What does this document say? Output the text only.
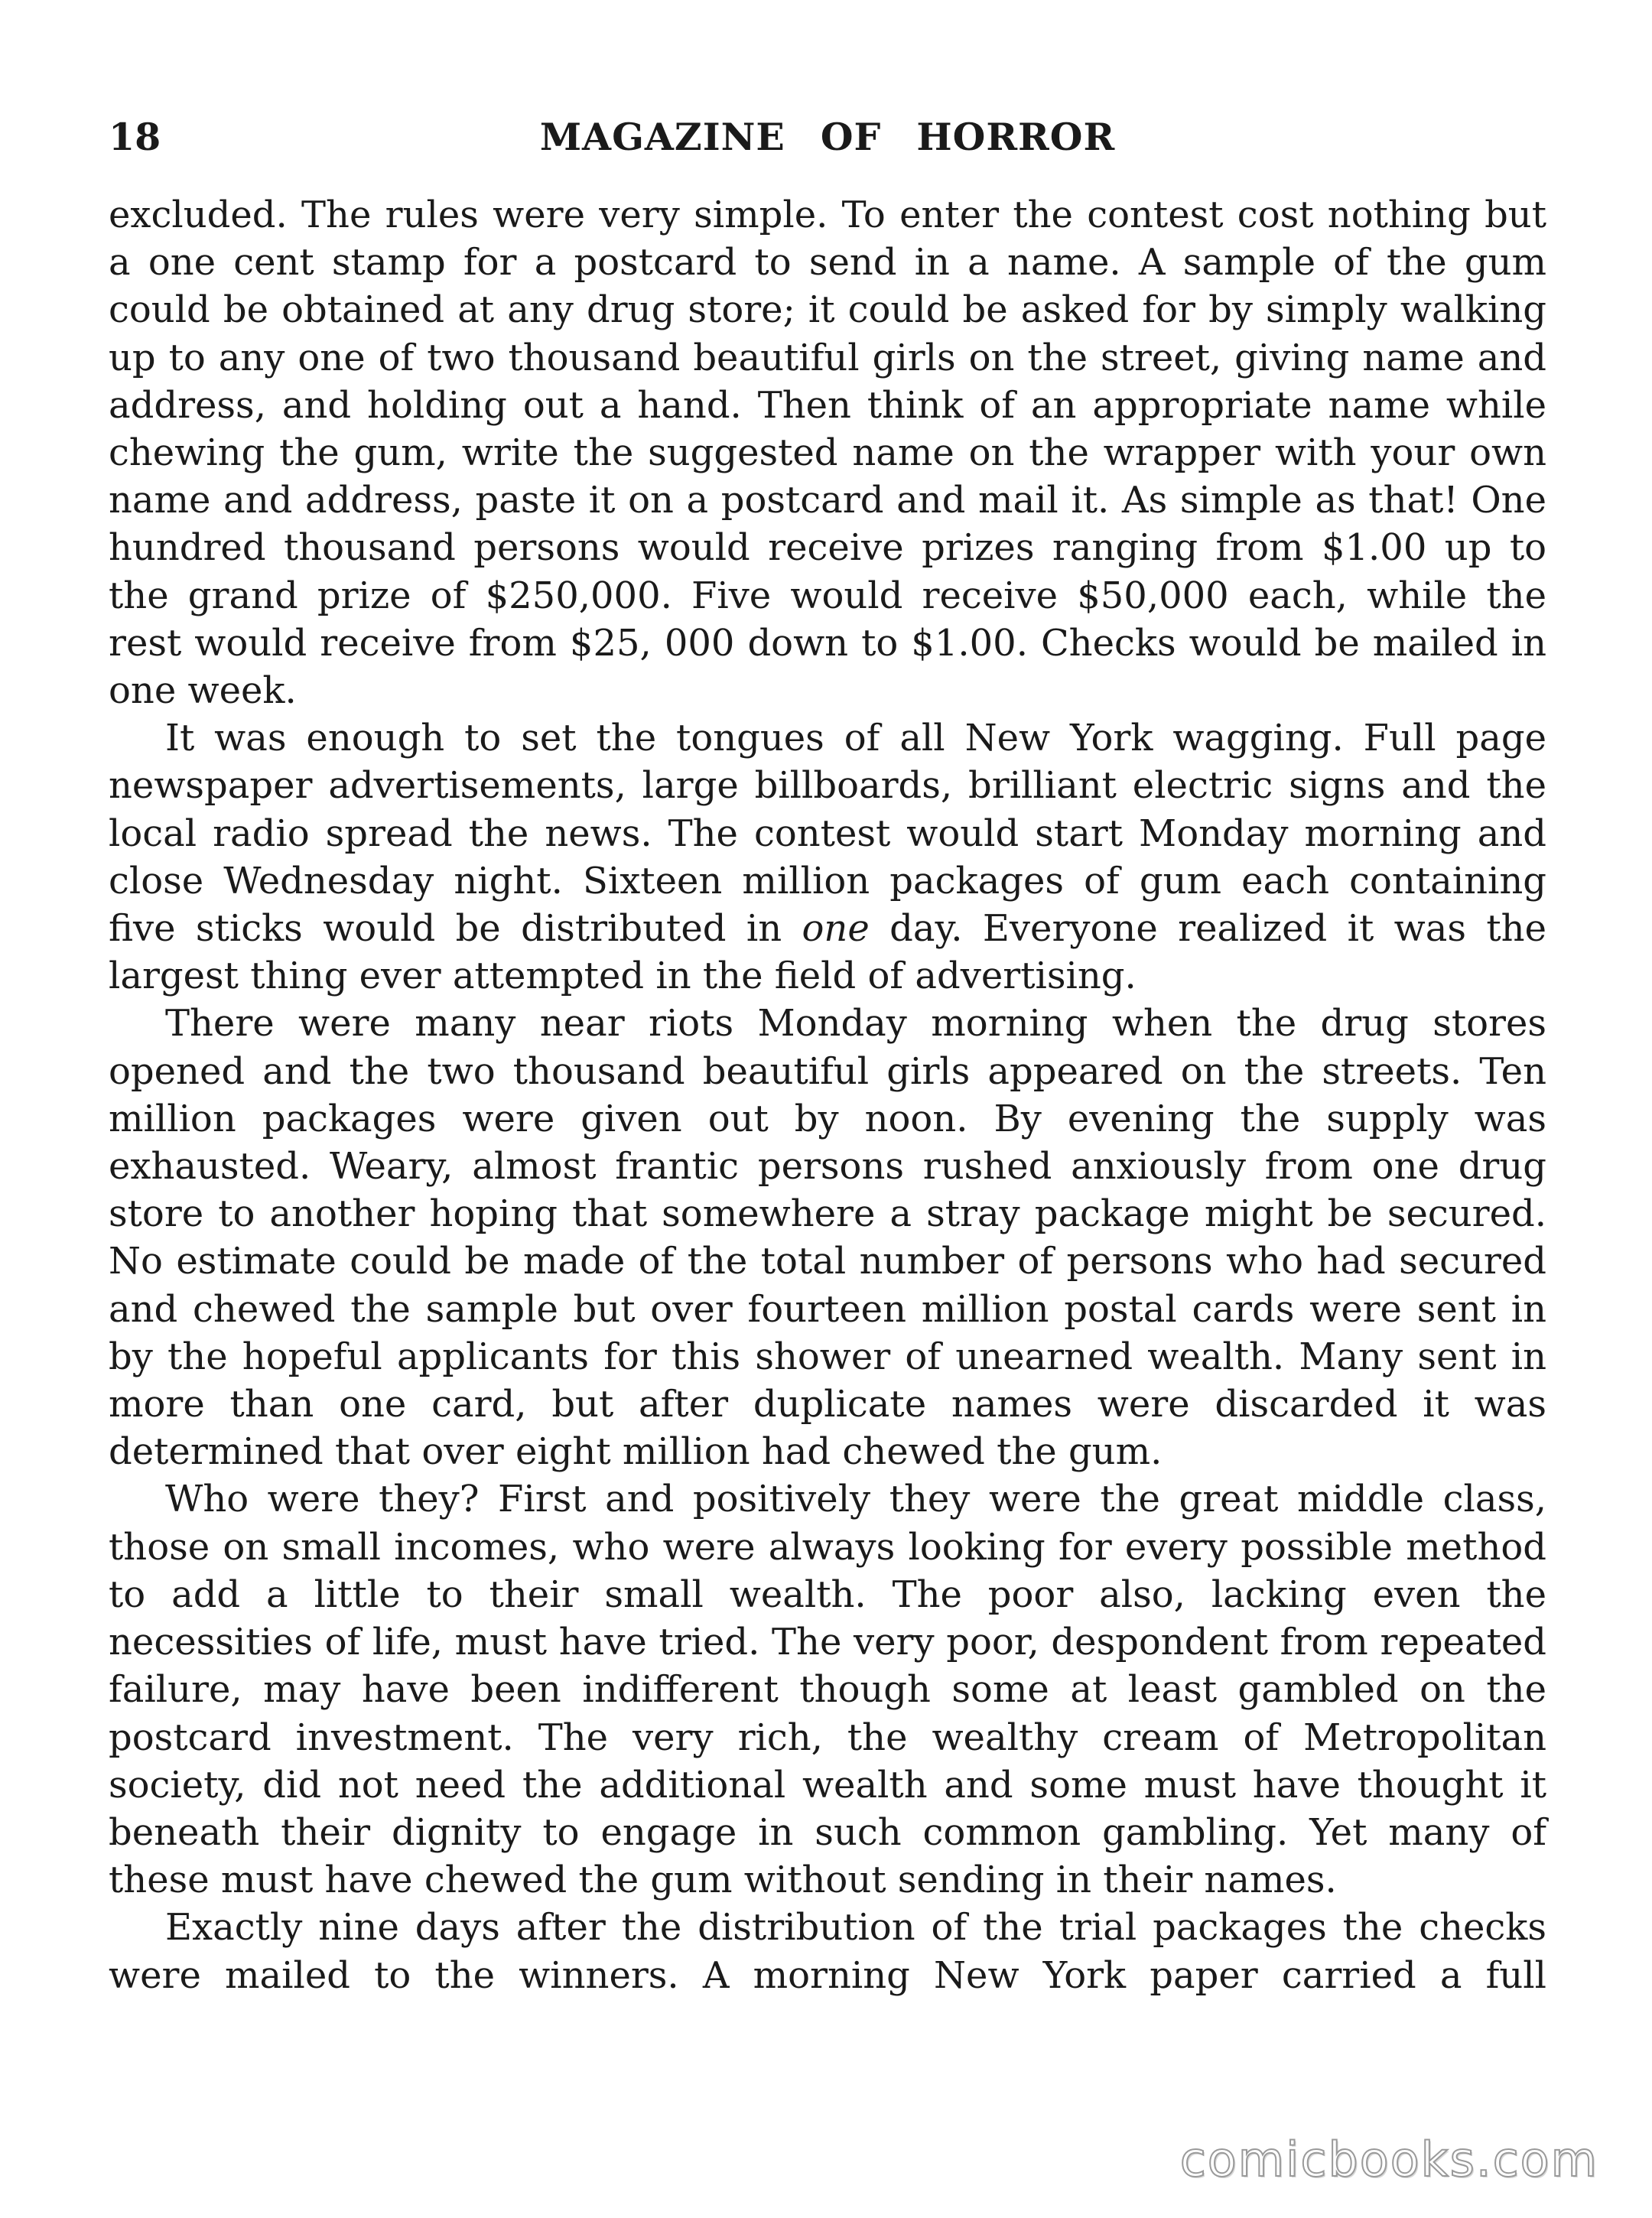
18	MAGAZINE OF HORROR

excluded. The rules were very simple. To enter the contest cost nothing but a one cent stamp for a postcard to send in a name. A sample of the gum could be obtained at any drug store; it could be asked for by simply walking up to any one of two thousand beautiful girls on the street, giving name and address, and holding out a hand. Then think of an appropriate name while chewing the gum, write the suggested name on the wrapper with your own name and address, paste it on a postcard and mail it. As simple as that! One hundred thousand persons would receive prizes ranging from $1.00 up to the grand prize of $250,000. Five would receive $50,000 each, while the rest would receive from $25, 000 down to $1.00. Checks would be mailed in one week.

It was enough to set the tongues of all New York wagging. Full page newspaper advertisements, large billboards, brilliant electric signs and the local radio spread the news. The contest would start Monday morning and close Wednesday night. Sixteen million packages of gum each containing five sticks would be distributed in one day. Everyone realized it was the largest thing ever attempted in the field of advertising.

There were many near riots Monday morning when the drug stores opened and the two thousand beautiful girls appeared on the streets. Ten million packages were given out by noon. By evening the supply was exhausted. Weary, almost frantic persons rushed anxiously from one drug store to another hoping that somewhere a stray package might be secured. No estimate could be made of the total number of persons who had secured and chewed the sample but over fourteen million postal cards were sent in by the hopeful applicants for this shower of unearned wealth. Many sent in more than one card, but after duplicate names were discarded it was determined that over eight million had chewed the gum.

Who were they? First and positively they were the great middle class, those on small incomes, who were always looking for every possible method to add a little to their small wealth. The poor also, lacking even the necessities of life, must have tried. The very poor, despondent from repeated failure, may have been indifferent though some at least gambled on the postcard investment. The very rich, the wealthy cream of Metropolitan society, did not need the additional wealth and some must have thought it beneath their dignity to engage in such common gambling. Yet many of these must have chewed the gum without sending in their names.

Exactly nine days after the distribution of the trial packages the checks were mailed to the winners. A morning New York paper carried a full

comicbooks.com
